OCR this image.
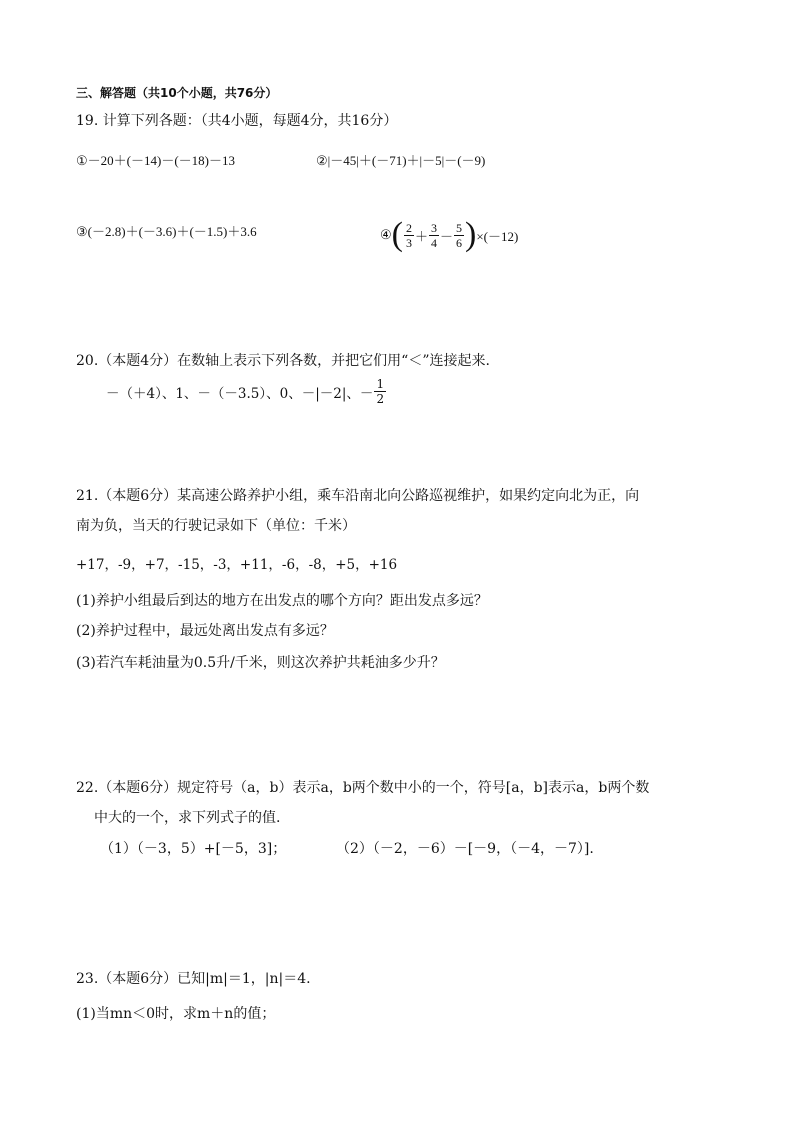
三、解答题（共10个小题，共76分）
19. 计算下列各题：（共4小题，每题4分，共16分）
①－20＋(－14)－(－18)－13	②|－45|＋(－71)＋|－5|－(－9)
③(－2.8)＋(－3.6)＋(－1.5)＋3.6	④ ( $\frac{2}{3} + \frac{3}{4} - \frac{5}{6}$ ) ×(－12)
20.（本题4分）在数轴上表示下列各数，并把它们用“＜”连接起来.
－（＋4）、1、－（－3.5）、0、－|－2|、－ $\frac{1}{2}$
21.（本题6分）某高速公路养护小组，乘车沿南北向公路巡视维护，如果约定向北为正，向
南为负，当天的行驶记录如下（单位：千米）
+17，-9，+7，-15，-3，+11，-6，-8，+5，+16
(1)养护小组最后到达的地方在出发点的哪个方向？距出发点多远？
(2)养护过程中，最远处离出发点有多远？
(3)若汽车耗油量为0.5升/千米，则这次养护共耗油多少升？
22.（本题6分）规定符号（a，b）表示a，b两个数中小的一个，符号[a，b]表示a，b两个数
中大的一个，求下列式子的值.
（1）（－3，5）+[－5，3]；	（2）（－2，－6）－[－9，（－4，－7）].
23.（本题6分）已知|m|＝1，|n|＝4.
(1)当mn＜0时，求m＋n的值；
